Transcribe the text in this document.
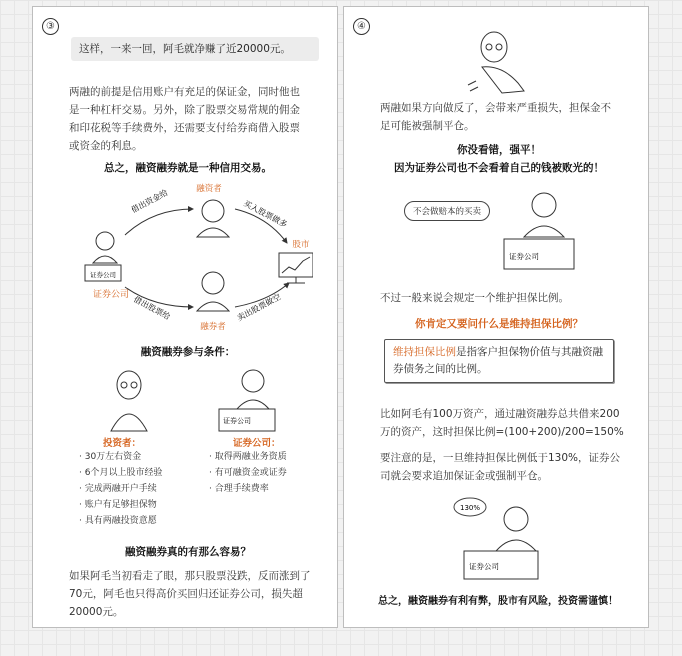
③
这样，一来一回，阿毛就净赚了近20000元。
两融的前提是信用账户有充足的保证金，同时他也是一种杠杆交易。另外，除了股票交易常规的佣金和印花税等手续费外，还需要支付给券商借入股票或资金的利息。
总之，融资融券就是一种信用交易。
证券公司
证券公司
融资者
融券者
股市
借出资金给	买入股票做多
借出股票给	卖出股票做空
融资融券参与条件：
投资者：
· 30万左右资金
· 6个月以上股市经验
· 完成两融开户手续
· 账户有足够担保物
· 具有两融投资意愿
证券公司
证券公司：
· 取得两融业务资质
· 有可融资金或证券
· 合理手续费率
融资融券真的有那么容易？
如果阿毛当初看走了眼，那只股票没跌，反而涨到了70元，阿毛也只得高价买回归还证券公司，损失超20000元。
④
两融如果方向做反了，会带来严重损失，担保金不足可能被强制平仓。
你没看错，强平！
因为证券公司也不会看着自己的钱被败光的！
不会做赔本的买卖
证券公司
不过一般来说会规定一个维护担保比例。
你肯定又要问什么是维持担保比例？
维持担保比例是指客户担保物价值与其融资融券债务之间的比例。
比如阿毛有100万资产，通过融资融券总共借来200万的资产，这时担保比例=(100+200)/200=150%
要注意的是，一旦维持担保比例低于130%，证券公司就会要求追加保证金或强制平仓。
130%
证券公司
总之，融资融券有利有弊，股市有风险，投资需谨慎！
